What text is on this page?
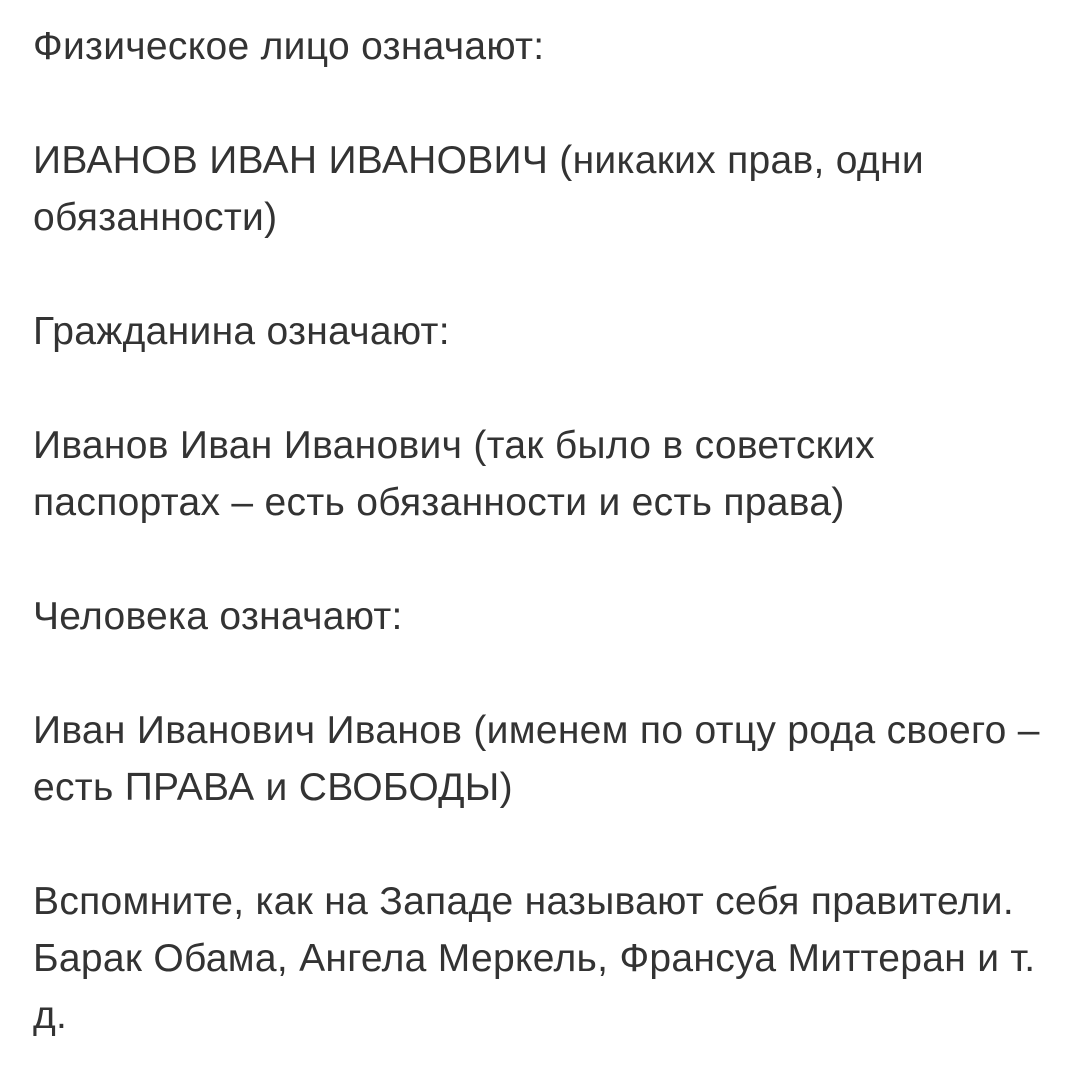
Физическое лицо означают:

ИВАНОВ ИВАН ИВАНОВИЧ (никаких прав, одни обязанности)

Гражданина означают:

Иванов Иван Иванович (так было в советских паспортах – есть обязанности и есть права)

Человека означают:

Иван Иванович Иванов (именем по отцу рода своего – есть ПРАВА и СВОБОДЫ)

Вспомните, как на Западе называют себя правители. Барак Обама, Ангела Меркель, Франсуа Миттеран и т. д.
